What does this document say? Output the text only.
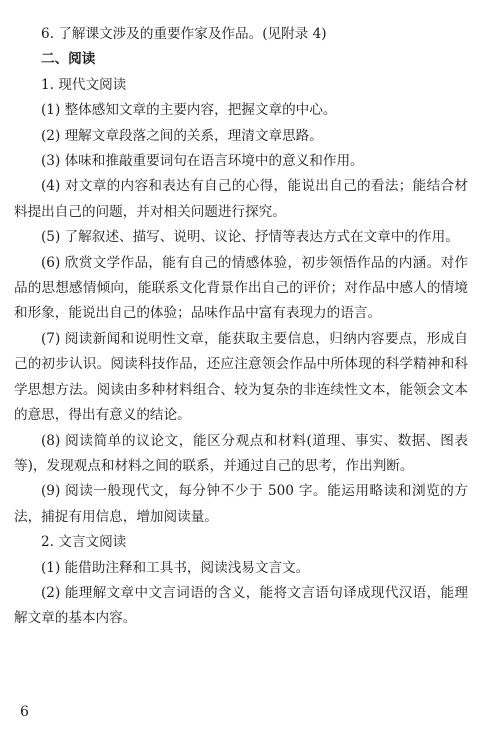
6. 了解课文涉及的重要作家及作品。(见附录 4)

二、阅读

1. 现代文阅读

(1) 整体感知文章的主要内容，把握文章的中心。

(2) 理解文章段落之间的关系，理清文章思路。

(3) 体味和推敲重要词句在语言环境中的意义和作用。

(4) 对文章的内容和表达有自己的心得，能说出自己的看法；能结合材料提出自己的问题，并对相关问题进行探究。

(5) 了解叙述、描写、说明、议论、抒情等表达方式在文章中的作用。

(6) 欣赏文学作品，能有自己的情感体验，初步领悟作品的内涵。对作品的思想感情倾向，能联系文化背景作出自己的评价；对作品中感人的情境和形象，能说出自己的体验；品味作品中富有表现力的语言。

(7) 阅读新闻和说明性文章，能获取主要信息，归纳内容要点，形成自己的初步认识。阅读科技作品，还应注意领会作品中所体现的科学精神和科学思想方法。阅读由多种材料组合、较为复杂的非连续性文本，能领会文本的意思，得出有意义的结论。

(8) 阅读简单的议论文，能区分观点和材料(道理、事实、数据、图表等)，发现观点和材料之间的联系，并通过自己的思考，作出判断。

(9) 阅读一般现代文，每分钟不少于 500 字。能运用略读和浏览的方法，捕捉有用信息，增加阅读量。

2. 文言文阅读

(1) 能借助注释和工具书，阅读浅易文言文。

(2) 能理解文章中文言词语的含义，能将文言语句译成现代汉语，能理解文章的基本内容。

6
